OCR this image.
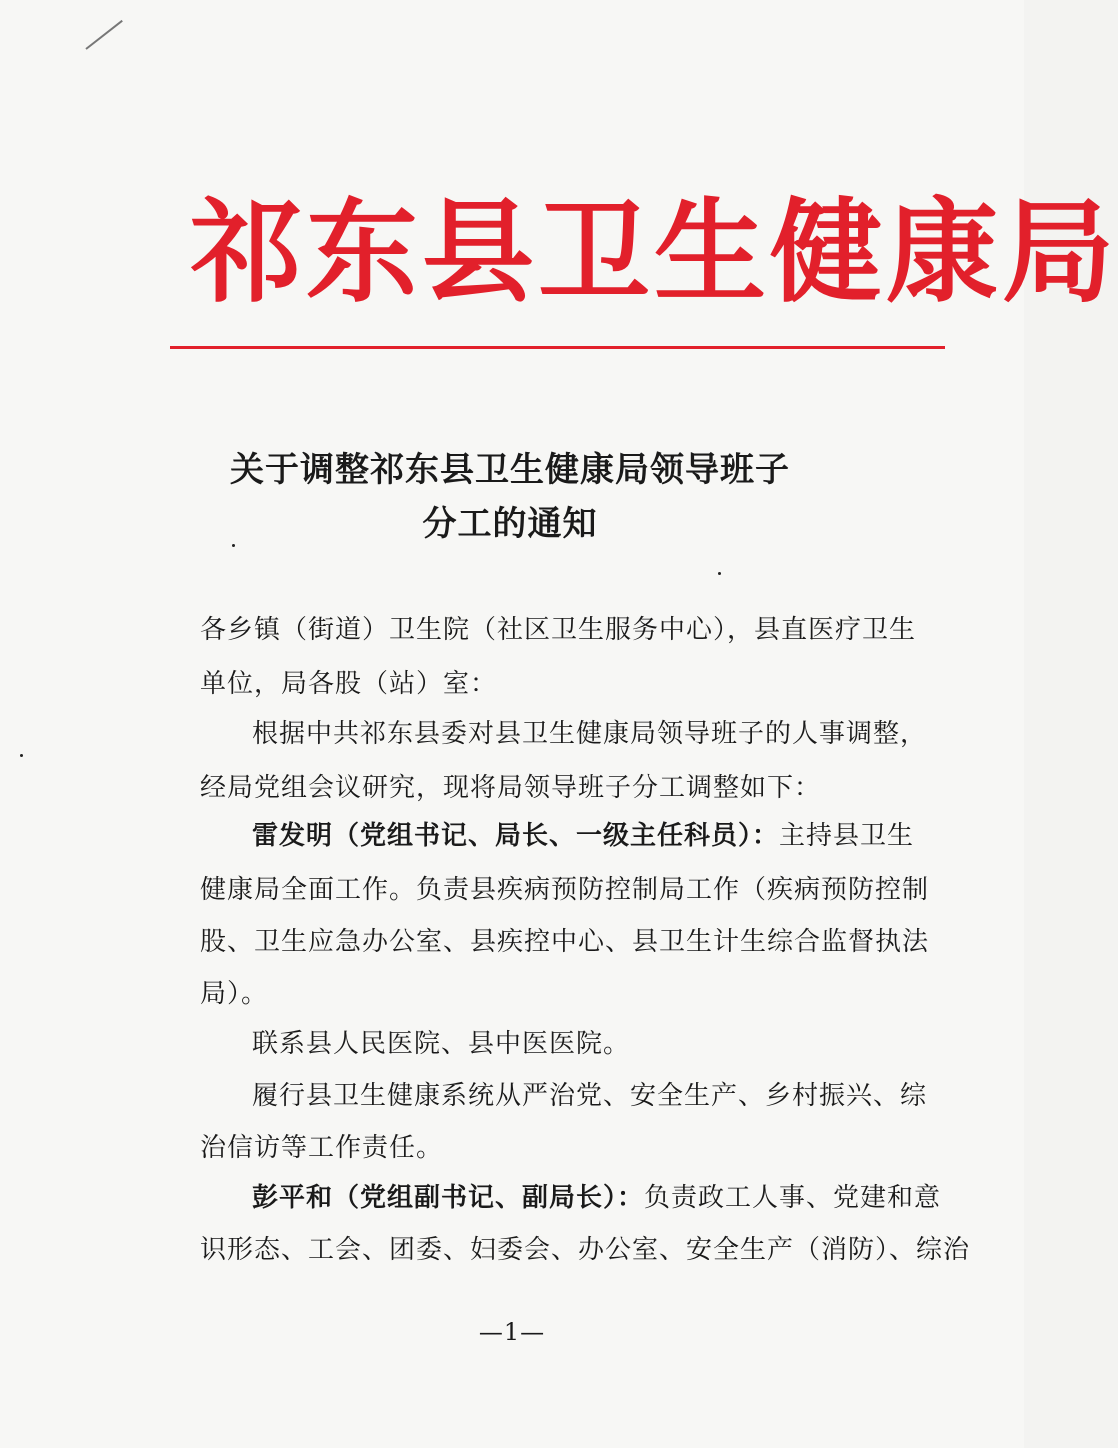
祁东县卫生健康局
关于调整祁东县卫生健康局领导班子
分工的通知
各乡镇（街道）卫生院（社区卫生服务中心），县直医疗卫生
单位，局各股（站）室：
根据中共祁东县委对县卫生健康局领导班子的人事调整，
经局党组会议研究，现将局领导班子分工调整如下：
雷发明（党组书记、局长、一级主任科员）：主持县卫生
健康局全面工作。负责县疾病预防控制局工作（疾病预防控制
股、卫生应急办公室、县疾控中心、县卫生计生综合监督执法
局）。
联系县人民医院、县中医医院。
履行县卫生健康系统从严治党、安全生产、乡村振兴、综
治信访等工作责任。
彭平和（党组副书记、副局长）：负责政工人事、党建和意
识形态、工会、团委、妇委会、办公室、安全生产（消防）、综治
—1—
